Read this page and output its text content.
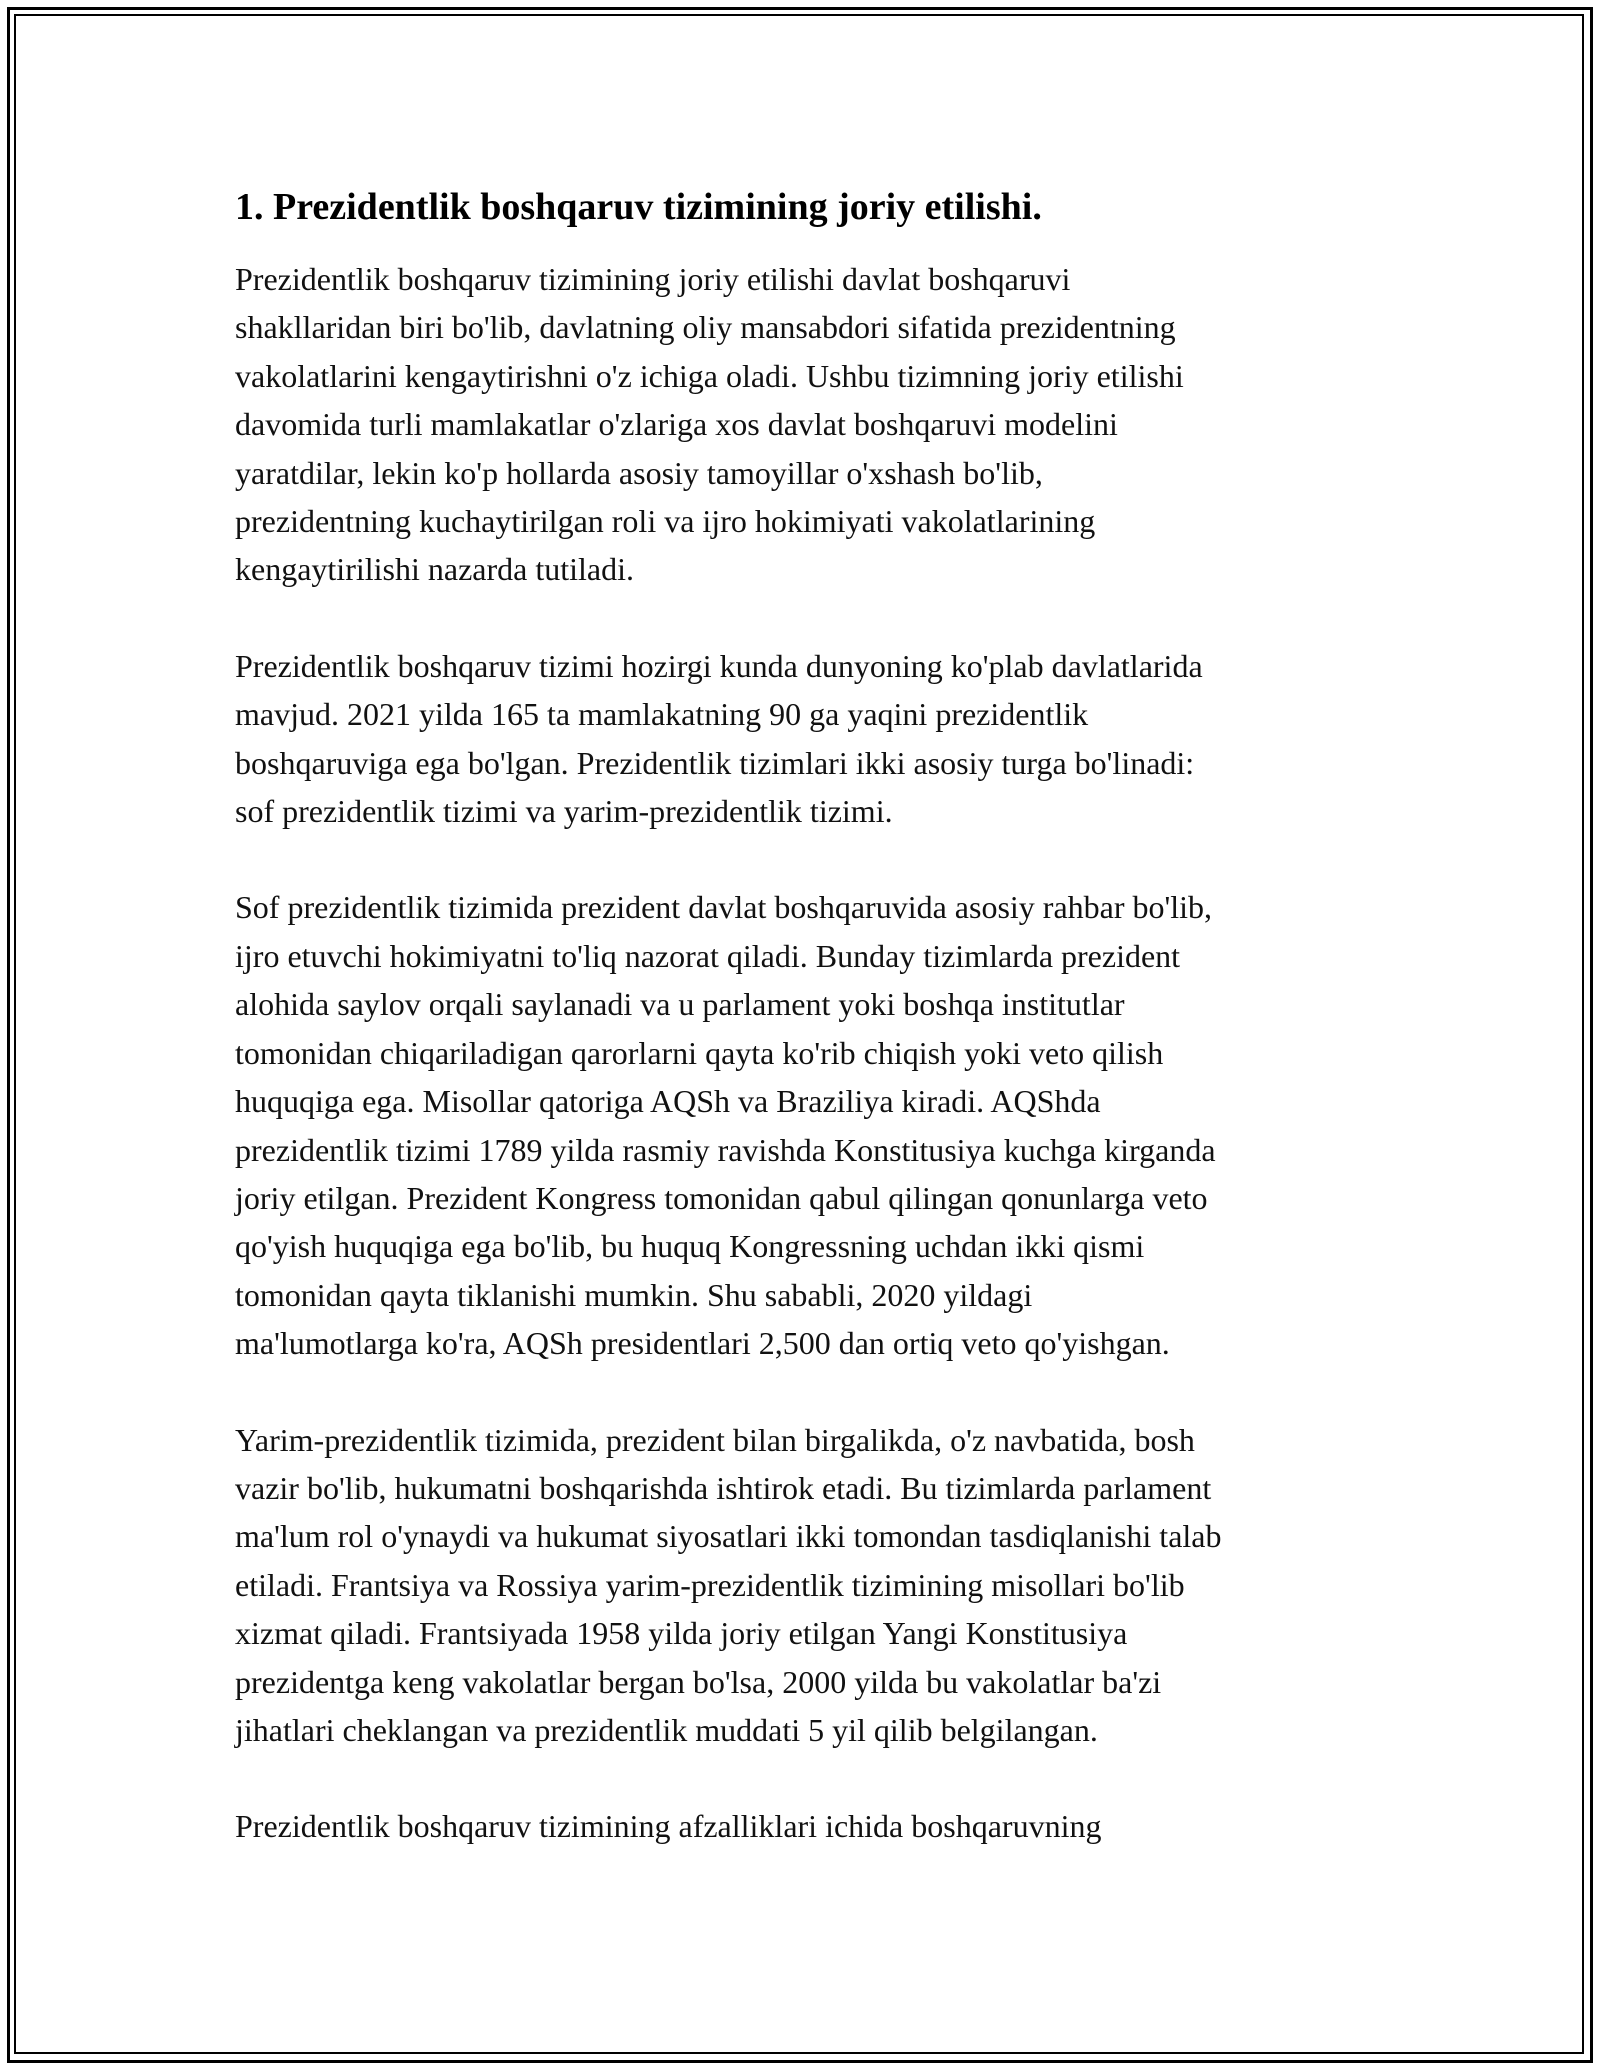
1. Prezidentlik boshqaruv tizimining joriy etilishi.
Prezidentlik boshqaruv tizimining joriy etilishi davlat boshqaruvi
shakllaridan biri bo'lib, davlatning oliy mansabdori sifatida prezidentning
vakolatlarini kengaytirishni o'z ichiga oladi. Ushbu tizimning joriy etilishi
davomida turli mamlakatlar o'zlariga xos davlat boshqaruvi modelini
yaratdilar, lekin ko'p hollarda asosiy tamoyillar o'xshash bo'lib,
prezidentning kuchaytirilgan roli va ijro hokimiyati vakolatlarining
kengaytirilishi nazarda tutiladi.
Prezidentlik boshqaruv tizimi hozirgi kunda dunyoning ko'plab davlatlarida
mavjud. 2021 yilda 165 ta mamlakatning 90 ga yaqini prezidentlik
boshqaruviga ega bo'lgan. Prezidentlik tizimlari ikki asosiy turga bo'linadi:
sof prezidentlik tizimi va yarim-prezidentlik tizimi.
Sof prezidentlik tizimida prezident davlat boshqaruvida asosiy rahbar bo'lib,
ijro etuvchi hokimiyatni to'liq nazorat qiladi. Bunday tizimlarda prezident
alohida saylov orqali saylanadi va u parlament yoki boshqa institutlar
tomonidan chiqariladigan qarorlarni qayta ko'rib chiqish yoki veto qilish
huquqiga ega. Misollar qatoriga AQSh va Braziliya kiradi. AQShda
prezidentlik tizimi 1789 yilda rasmiy ravishda Konstitusiya kuchga kirganda
joriy etilgan. Prezident Kongress tomonidan qabul qilingan qonunlarga veto
qo'yish huquqiga ega bo'lib, bu huquq Kongressning uchdan ikki qismi
tomonidan qayta tiklanishi mumkin. Shu sababli, 2020 yildagi
ma'lumotlarga ko'ra, AQSh presidentlari 2,500 dan ortiq veto qo'yishgan.
Yarim-prezidentlik tizimida, prezident bilan birgalikda, o'z navbatida, bosh
vazir bo'lib, hukumatni boshqarishda ishtirok etadi. Bu tizimlarda parlament
ma'lum rol o'ynaydi va hukumat siyosatlari ikki tomondan tasdiqlanishi talab
etiladi. Frantsiya va Rossiya yarim-prezidentlik tizimining misollari bo'lib
xizmat qiladi. Frantsiyada 1958 yilda joriy etilgan Yangi Konstitusiya
prezidentga keng vakolatlar bergan bo'lsa, 2000 yilda bu vakolatlar ba'zi
jihatlari cheklangan va prezidentlik muddati 5 yil qilib belgilangan.
Prezidentlik boshqaruv tizimining afzalliklari ichida boshqaruvning
